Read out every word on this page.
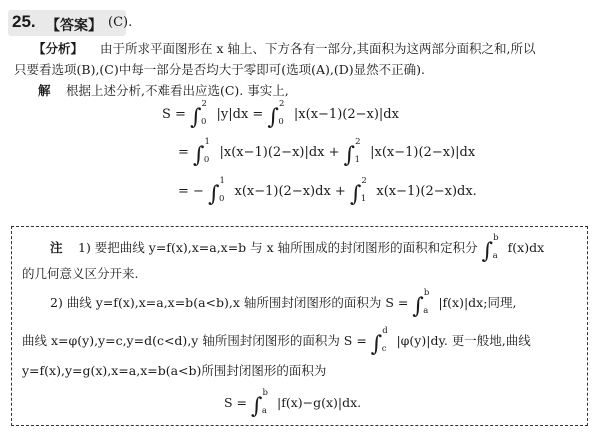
25. 【答案】 (C).
【分析】 由于所求平面图形在 x 轴上、下方各有一部分,其面积为这两部分面积之和,所以
只要看选项(B),(C)中每一部分是否均大于零即可(选项(A),(D)显然不正确).
解 根据上述分析,不难看出应选(C). 事实上,
S = ∫$^2_0$ |y|dx = ∫$^2_0$ |x(x−1)(2−x)|dx
= ∫$^1_0$ |x(x−1)(2−x)|dx + ∫$^2_1$ |x(x−1)(2−x)|dx
= − ∫$^1_0$ x(x−1)(2−x)dx + ∫$^2_1$ x(x−1)(2−x)dx.
注 1) 要把曲线 y=f(x),x=a,x=b 与 x 轴所围成的封闭图形的面积和定积分 ∫$^b_a$ f(x)dx
的几何意义区分开来.
2) 曲线 y=f(x),x=a,x=b(a<b),x 轴所围封闭图形的面积为 S = ∫$^b_a$ |f(x)|dx;同理,
曲线 x=φ(y),y=c,y=d(c<d),y 轴所围封闭图形的面积为 S = ∫$^d_c$ |φ(y)|dy. 更一般地,曲线
y=f(x),y=g(x),x=a,x=b(a<b)所围封闭图形的面积为
S = ∫$^b_a$ |f(x)−g(x)|dx.
